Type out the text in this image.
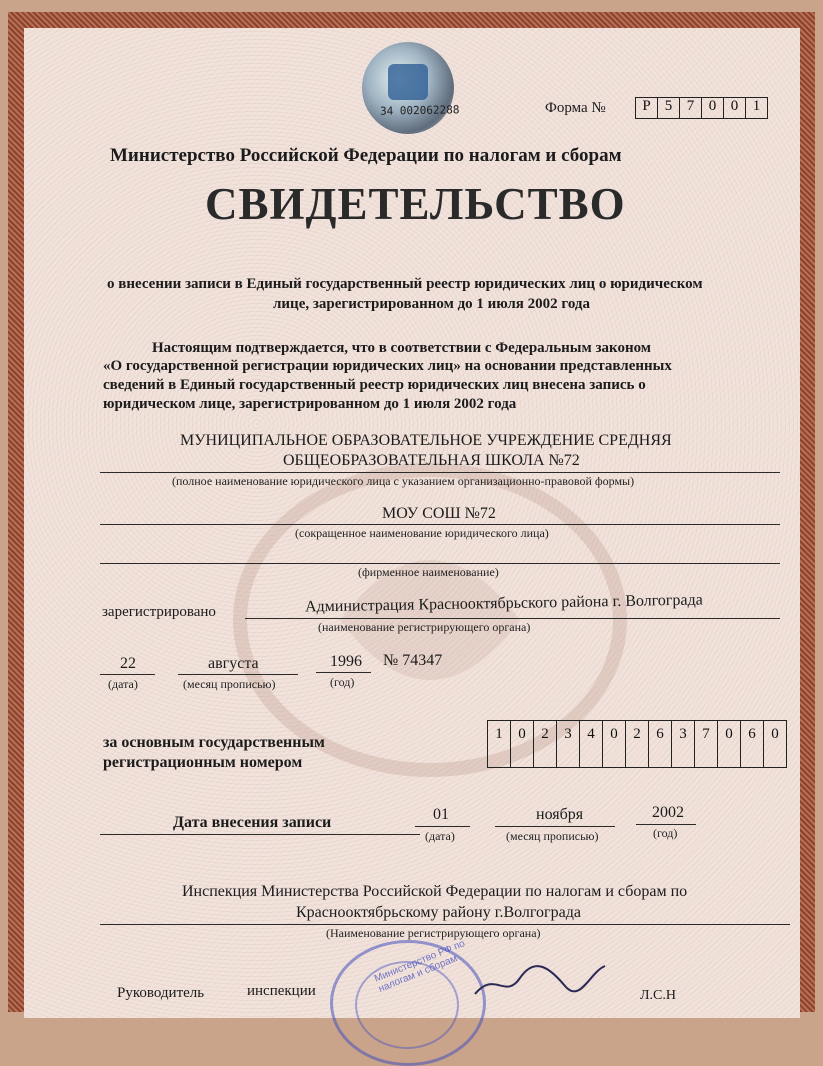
34 002062288	Форма №	Р 5 7 0 0 1
Министерство Российской Федерации по налогам и сборам
СВИДЕТЕЛЬСТВО
о внесении записи в Единый государственный реестр юридических лиц о юридическом
лице, зарегистрированном до 1 июля 2002 года
Настоящим подтверждается, что в соответствии с Федеральным законом
«О государственной регистрации юридических лиц» на основании представленных
сведений в Единый государственный реестр юридических лиц внесена запись о
юридическом лице, зарегистрированном до 1 июля 2002 года
МУНИЦИПАЛЬНОЕ ОБРАЗОВАТЕЛЬНОЕ УЧРЕЖДЕНИЕ СРЕДНЯЯ
ОБЩЕОБРАЗОВАТЕЛЬНАЯ ШКОЛА №72
(полное наименование юридического лица с указанием организационно-правовой формы)
МОУ СОШ №72
(сокращенное наименование юридического лица)
(фирменное наименование)
зарегистрировано	Администрация Краснооктябрьского района г. Волгограда
(наименование регистрирующего органа)
22
(дата)
августа
(месяц прописью)
1996
(год)
№ 74347
за основным государственным
регистрационным номером
1	0	2	3	4	0	2	6	3	7	0	6	0
Дата внесения записи	01
(дата)
ноября
(месяц прописью)
2002
(год)
Инспекция Министерства Российской Федерации по налогам и сборам по
Краснооктябрьскому району г.Волгограда
(Наименование регистрирующего органа)
Министерство РФ по налогам и сборам
Руководитель	инспекции	Л.С.Н
